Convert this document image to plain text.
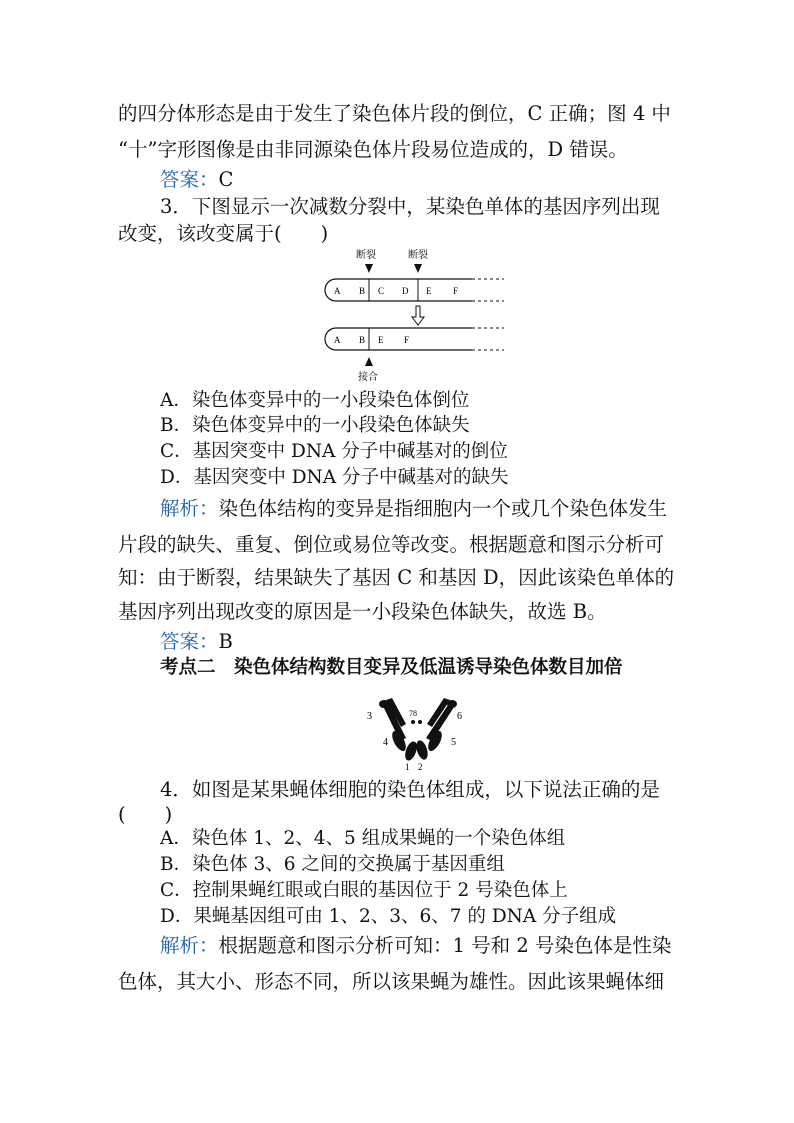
的四分体形态是由于发生了染色体片段的倒位，C 正确；图 4 中
“十”字形图像是由非同源染色体片段易位造成的，D 错误。
答案：C
3．下图显示一次减数分裂中，某染色单体的基因序列出现
改变，该改变属于(　　)
断裂	断裂
A B C D E F
A B E F
接合
A．染色体变异中的一小段染色体倒位
B．染色体变异中的一小段染色体缺失
C．基因突变中 DNA 分子中碱基对的倒位
D．基因突变中 DNA 分子中碱基对的缺失
解析：染色体结构的变异是指细胞内一个或几个染色体发生
片段的缺失、重复、倒位或易位等改变。根据题意和图示分析可
知：由于断裂，结果缺失了基因 C 和基因 D，因此该染色单体的
基因序列出现改变的原因是一小段染色体缺失，故选 B。
答案：B
考点二　染色体结构数目变异及低温诱导染色体数目加倍
3	78	6
4	5
1 2
4．如图是某果蝇体细胞的染色体组成，以下说法正确的是
(　　)
A．染色体 1、2、4、5 组成果蝇的一个染色体组
B．染色体 3、6 之间的交换属于基因重组
C．控制果蝇红眼或白眼的基因位于 2 号染色体上
D．果蝇基因组可由 1、2、3、6、7 的 DNA 分子组成
解析：根据题意和图示分析可知：1 号和 2 号染色体是性染
色体，其大小、形态不同，所以该果蝇为雄性。因此该果蝇体细
